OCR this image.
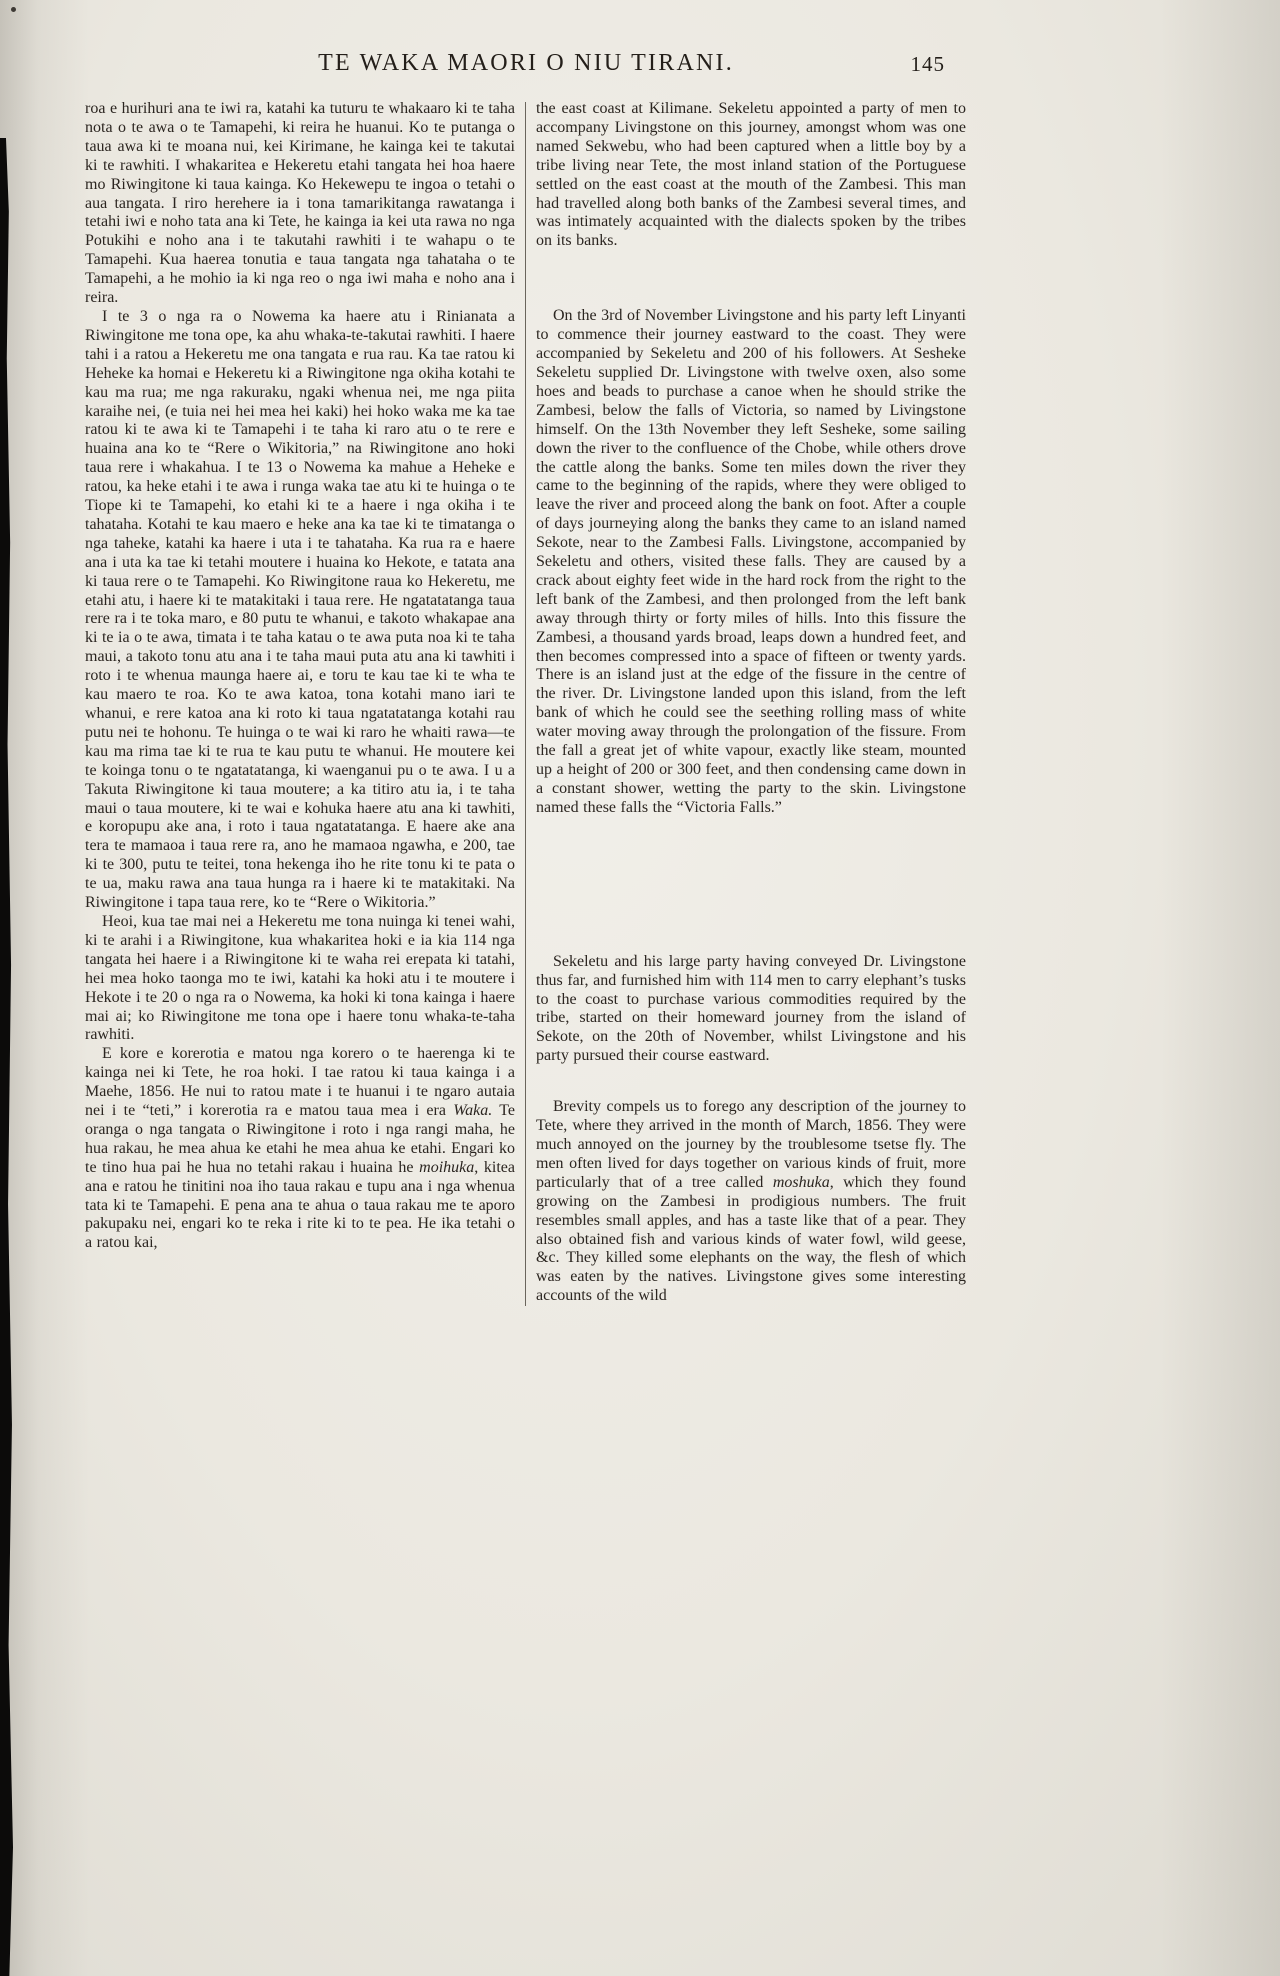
TE WAKA MAORI O NIU TIRANI.	145

roa e hurihuri ana te iwi ra, katahi ka tuturu te whakaaro ki te taha nota o te awa o te Tamapehi, ki reira he huanui. Ko te putanga o taua awa ki te moana nui, kei Kirimane, he kainga kei te takutai ki te rawhiti. I whakaritea e Hekeretu etahi tangata hei hoa haere mo Riwingitone ki taua kainga. Ko Hekewepu te ingoa o tetahi o aua tangata. I riro herehere ia i tona tamarikitanga rawatanga i tetahi iwi e noho tata ana ki Tete, he kainga ia kei uta rawa no nga Potukihi e noho ana i te takutahi rawhiti i te wahapu o te Tamapehi. Kua haerea tonutia e taua tangata nga tahataha o te Tamapehi, a he mohio ia ki nga reo o nga iwi maha e noho ana i reira.

I te 3 o nga ra o Nowema ka haere atu i Rinianata a Riwingitone me tona ope, ka ahu whaka-te-takutai rawhiti. I haere tahi i a ratou a Hekeretu me ona tangata e rua rau. Ka tae ratou ki Heheke ka homai e Hekeretu ki a Riwingitone nga okiha kotahi te kau ma rua; me nga rakuraku, ngaki whenua nei, me nga piita karaihe nei, (e tuia nei hei mea hei kaki) hei hoko waka me ka tae ratou ki te awa ki te Tamapehi i te taha ki raro atu o te rere e huaina ana ko te “Rere o Wikitoria,” na Riwingitone ano hoki taua rere i whakahua. I te 13 o Nowema ka mahue a Heheke e ratou, ka heke etahi i te awa i runga waka tae atu ki te huinga o te Tiope ki te Tamapehi, ko etahi ki te a haere i nga okiha i te tahataha. Kotahi te kau maero e heke ana ka tae ki te timatanga o nga taheke, katahi ka haere i uta i te tahataha. Ka rua ra e haere ana i uta ka tae ki tetahi moutere i huaina ko Hekote, e tatata ana ki taua rere o te Tamapehi. Ko Riwingitone raua ko Hekeretu, me etahi atu, i haere ki te matakitaki i taua rere. He ngatatatanga taua rere ra i te toka maro, e 80 putu te whanui, e takoto whakapae ana ki te ia o te awa, timata i te taha katau o te awa puta noa ki te taha maui, a takoto tonu atu ana i te taha maui puta atu ana ki tawhiti i roto i te whenua maunga haere ai, e toru te kau tae ki te wha te kau maero te roa. Ko te awa katoa, tona kotahi mano iari te whanui, e rere katoa ana ki roto ki taua ngatatatanga kotahi rau putu nei te hohonu. Te huinga o te wai ki raro he whaiti rawa—te kau ma rima tae ki te rua te kau putu te whanui. He moutere kei te koinga tonu o te ngatatatanga, ki waenganui pu o te awa. I u a Takuta Riwingitone ki taua moutere; a ka titiro atu ia, i te taha maui o taua moutere, ki te wai e kohuka haere atu ana ki tawhiti, e koropupu ake ana, i roto i taua ngatatatanga. E haere ake ana tera te mamaoa i taua rere ra, ano he mamaoa ngawha, e 200, tae ki te 300, putu te teitei, tona hekenga iho he rite tonu ki te pata o te ua, maku rawa ana taua hunga ra i haere ki te matakitaki. Na Riwingitone i tapa taua rere, ko te “Rere o Wikitoria.”

Heoi, kua tae mai nei a Hekeretu me tona nuinga ki tenei wahi, ki te arahi i a Riwingitone, kua whakaritea hoki e ia kia 114 nga tangata hei haere i a Riwingitone ki te waha rei erepata ki tatahi, hei mea hoko taonga mo te iwi, katahi ka hoki atu i te moutere i Hekote i te 20 o nga ra o Nowema, ka hoki ki tona kainga i haere mai ai; ko Riwingitone me tona ope i haere tonu whaka-te-taha rawhiti.

E kore e korerotia e matou nga korero o te haerenga ki te kainga nei ki Tete, he roa hoki. I tae ratou ki taua kainga i a Maehe, 1856. He nui to ratou mate i te huanui i te ngaro autaia nei i te “teti,” i korerotia ra e matou taua mea i era Waka. Te oranga o nga tangata o Riwingitone i roto i nga rangi maha, he hua rakau, he mea ahua ke etahi he mea ahua ke etahi. Engari ko te tino hua pai he hua no tetahi rakau i huaina he moihuka, kitea ana e ratou he tinitini noa iho taua rakau e tupu ana i nga whenua tata ki te Tamapehi. E pena ana te ahua o taua rakau me te aporo pakupaku nei, engari ko te reka i rite ki to te pea. He ika tetahi o a ratou kai,

the east coast at Kilimane. Sekeletu appointed a party of men to accompany Livingstone on this journey, amongst whom was one named Sekwebu, who had been captured when a little boy by a tribe living near Tete, the most inland station of the Portuguese settled on the east coast at the mouth of the Zambesi. This man had travelled along both banks of the Zambesi several times, and was intimately acquainted with the dialects spoken by the tribes on its banks.

On the 3rd of November Livingstone and his party left Linyanti to commence their journey eastward to the coast. They were accompanied by Sekeletu and 200 of his followers. At Sesheke Sekeletu supplied Dr. Livingstone with twelve oxen, also some hoes and beads to purchase a canoe when he should strike the Zambesi, below the falls of Victoria, so named by Livingstone himself. On the 13th November they left Sesheke, some sailing down the river to the confluence of the Chobe, while others drove the cattle along the banks. Some ten miles down the river they came to the beginning of the rapids, where they were obliged to leave the river and proceed along the bank on foot. After a couple of days journeying along the banks they came to an island named Sekote, near to the Zambesi Falls. Livingstone, accompanied by Sekeletu and others, visited these falls. They are caused by a crack about eighty feet wide in the hard rock from the right to the left bank of the Zambesi, and then prolonged from the left bank away through thirty or forty miles of hills. Into this fissure the Zambesi, a thousand yards broad, leaps down a hundred feet, and then becomes compressed into a space of fifteen or twenty yards. There is an island just at the edge of the fissure in the centre of the river. Dr. Livingstone landed upon this island, from the left bank of which he could see the seething rolling mass of white water moving away through the prolongation of the fissure. From the fall a great jet of white vapour, exactly like steam, mounted up a height of 200 or 300 feet, and then condensing came down in a constant shower, wetting the party to the skin. Livingstone named these falls the “Victoria Falls.”

Sekeletu and his large party having conveyed Dr. Livingstone thus far, and furnished him with 114 men to carry elephant’s tusks to the coast to purchase various commodities required by the tribe, started on their homeward journey from the island of Sekote, on the 20th of November, whilst Livingstone and his party pursued their course eastward.

Brevity compels us to forego any description of the journey to Tete, where they arrived in the month of March, 1856. They were much annoyed on the journey by the troublesome tsetse fly. The men often lived for days together on various kinds of fruit, more particularly that of a tree called moshuka, which they found growing on the Zambesi in prodigious numbers. The fruit resembles small apples, and has a taste like that of a pear. They also obtained fish and various kinds of water fowl, wild geese, &c. They killed some elephants on the way, the flesh of which was eaten by the natives. Livingstone gives some interesting accounts of the wild
